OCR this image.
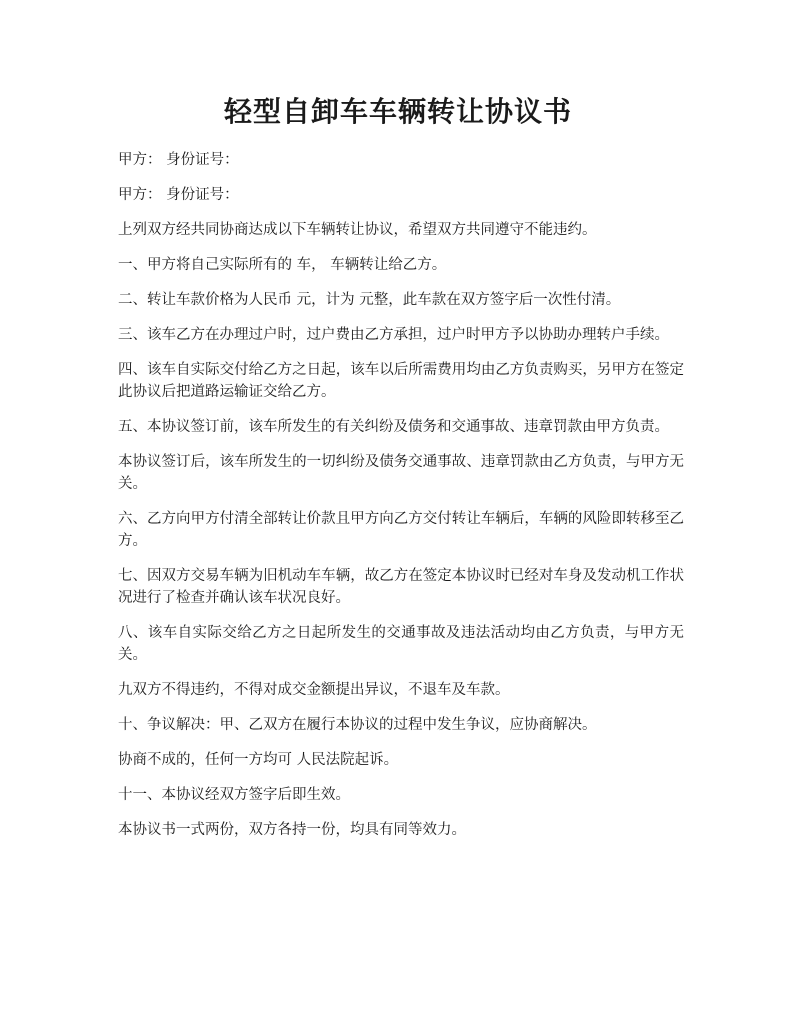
轻型自卸车车辆转让协议书

甲方： 身份证号：

甲方： 身份证号：

上列双方经共同协商达成以下车辆转让协议，希望双方共同遵守不能违约。

一、甲方将自己实际所有的 车， 车辆转让给乙方。

二、转让车款价格为人民币 元，计为 元整，此车款在双方签字后一次性付清。

三、该车乙方在办理过户时，过户费由乙方承担，过户时甲方予以协助办理转户手续。

四、该车自实际交付给乙方之日起，该车以后所需费用均由乙方负责购买，另甲方在签定此协议后把道路运输证交给乙方。

五、本协议签订前，该车所发生的有关纠纷及债务和交通事故、违章罚款由甲方负责。

本协议签订后，该车所发生的一切纠纷及债务交通事故、违章罚款由乙方负责，与甲方无关。

六、乙方向甲方付清全部转让价款且甲方向乙方交付转让车辆后，车辆的风险即转移至乙方。

七、因双方交易车辆为旧机动车车辆，故乙方在签定本协议时已经对车身及发动机工作状况进行了检查并确认该车状况良好。

八、该车自实际交给乙方之日起所发生的交通事故及违法活动均由乙方负责，与甲方无关。

九双方不得违约，不得对成交金额提出异议，不退车及车款。

十、争议解决：甲、乙双方在履行本协议的过程中发生争议，应协商解决。

协商不成的，任何一方均可 人民法院起诉。

十一、本协议经双方签字后即生效。

本协议书一式两份，双方各持一份，均具有同等效力。
